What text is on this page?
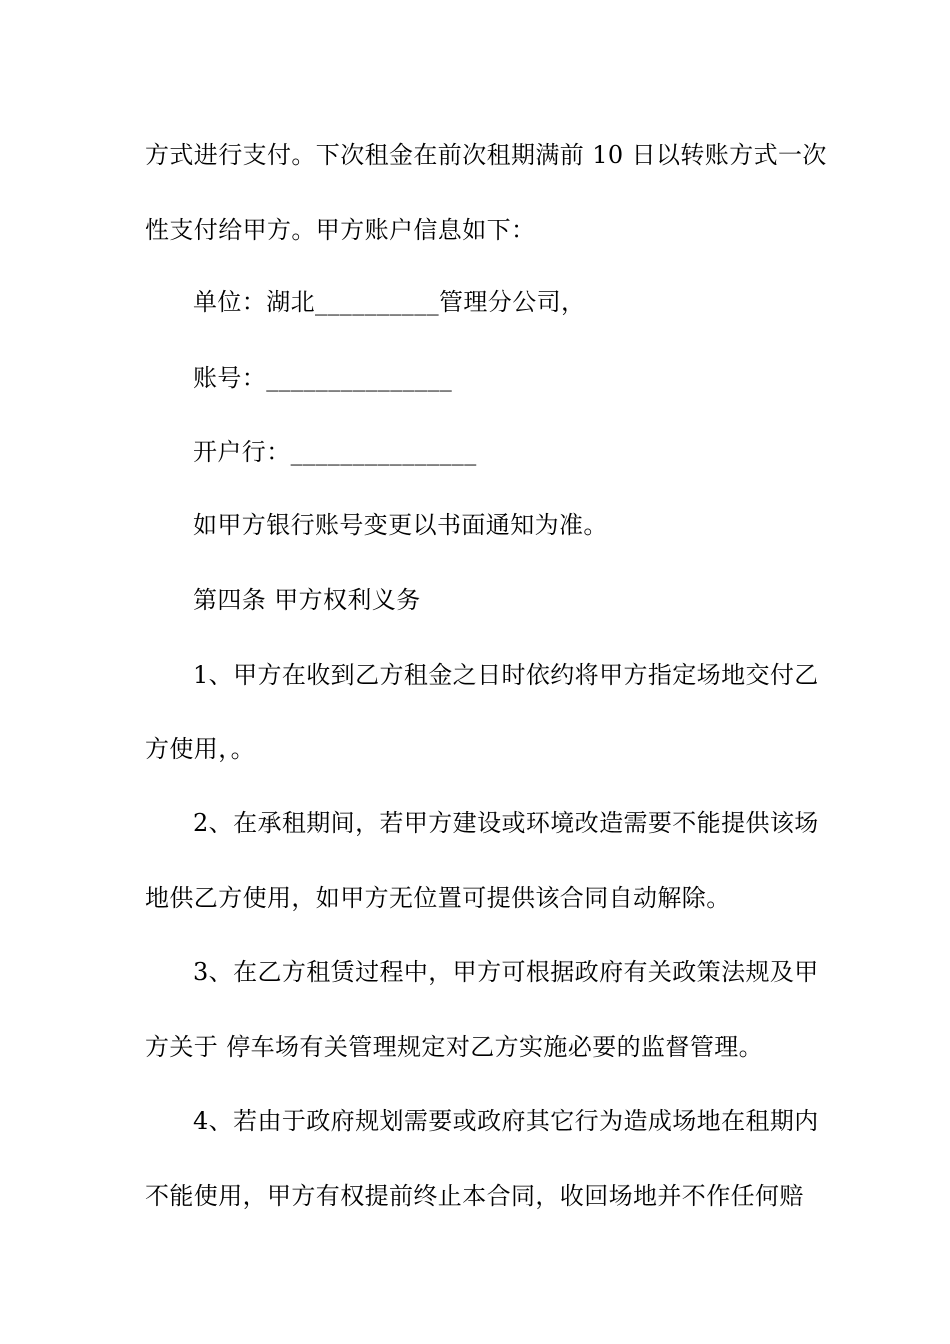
方式进行支付。下次租金在前次租期满前 10 日以转账方式一次
性支付给甲方。甲方账户信息如下：
单位：湖北__________管理分公司，
账号：_______________
开户行：_______________
如甲方银行账号变更以书面通知为准。
第四条 甲方权利义务
1、甲方在收到乙方租金之日时依约将甲方指定场地交付乙
方使用，。
2、在承租期间，若甲方建设或环境改造需要不能提供该场
地供乙方使用，如甲方无位置可提供该合同自动解除。
3、在乙方租赁过程中，甲方可根据政府有关政策法规及甲
方关于 停车场有关管理规定对乙方实施必要的监督管理。
4、若由于政府规划需要或政府其它行为造成场地在租期内
不能使用，甲方有权提前终止本合同，收回场地并不作任何赔
